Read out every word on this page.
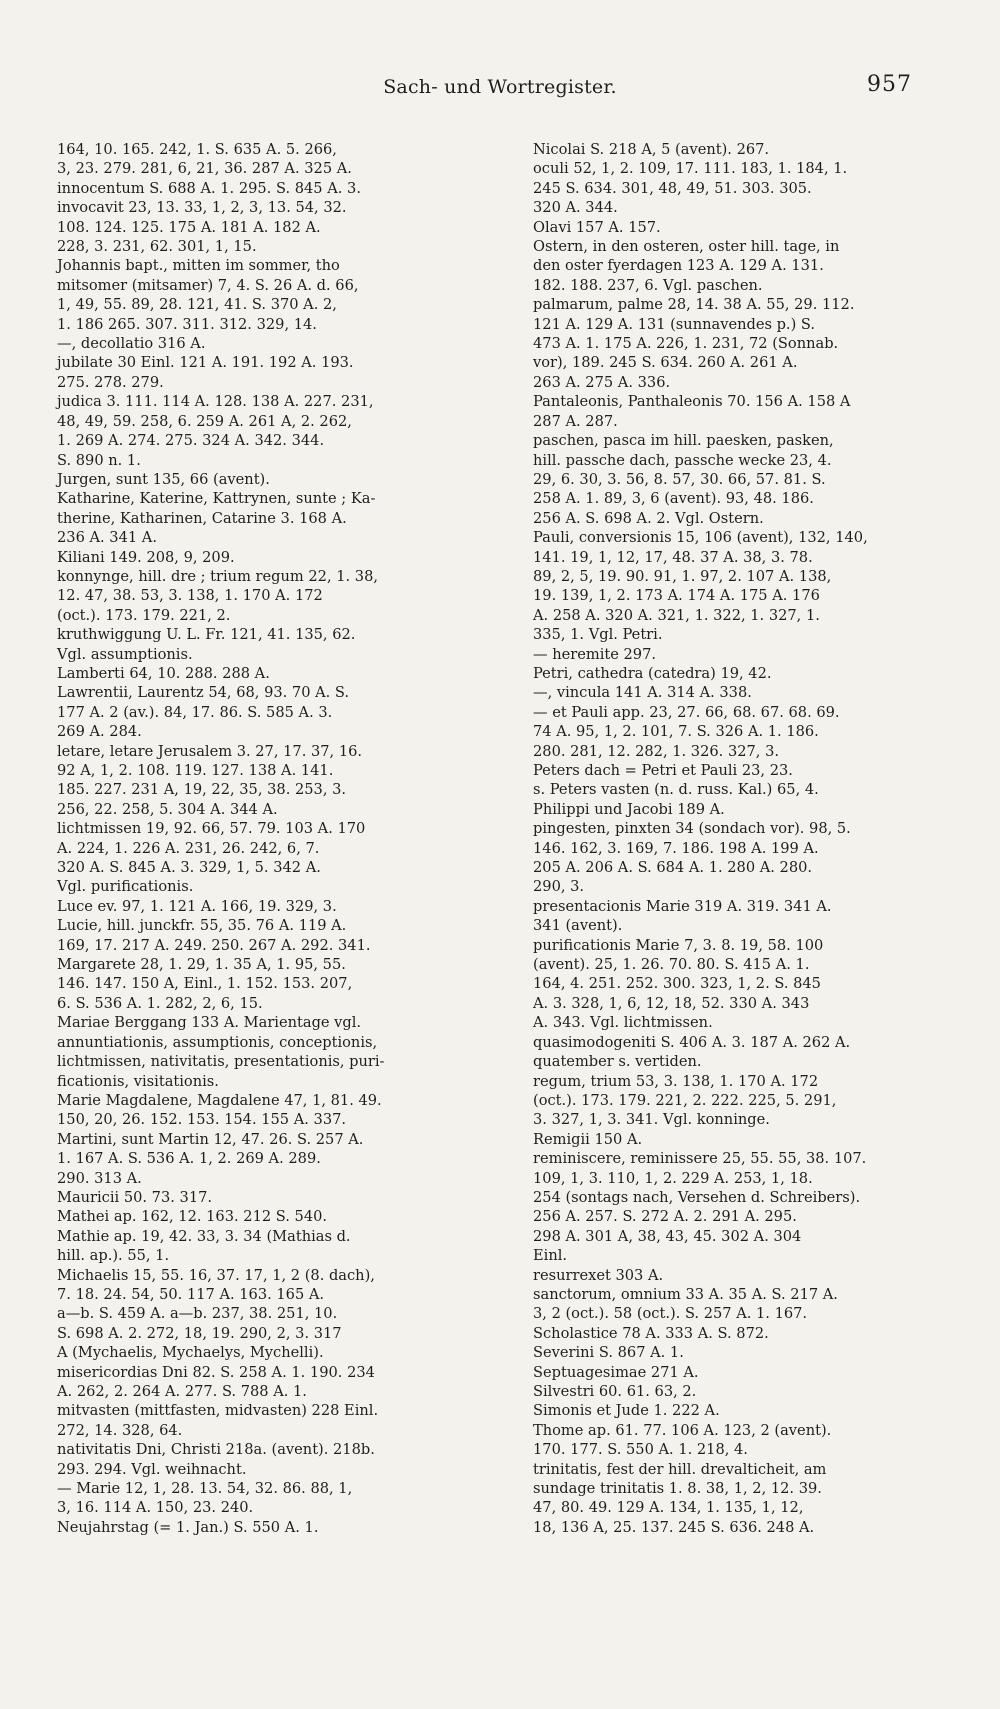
Sach- und Wortregister.	957
164, 10. 165. 242, 1. S. 635 A. 5. 266,
3, 23. 279. 281, 6, 21, 36. 287 A. 325 A.
innocentum S. 688 A. 1. 295. S. 845 A. 3.
invocavit 23, 13. 33, 1, 2, 3, 13. 54, 32.
108. 124. 125. 175 A. 181 A. 182 A.
228, 3. 231, 62. 301, 1, 15.
Johannis bapt., mitten im sommer, tho
mitsomer (mitsamer) 7, 4. S. 26 A. d. 66,
1, 49, 55. 89, 28. 121, 41. S. 370 A. 2,
1. 186 265. 307. 311. 312. 329, 14.
—, decollatio 316 A.
jubilate 30 Einl. 121 A. 191. 192 A. 193.
275. 278. 279.
judica 3. 111. 114 A. 128. 138 A. 227. 231,
48, 49, 59. 258, 6. 259 A. 261 A, 2. 262,
1. 269 A. 274. 275. 324 A. 342. 344.
S. 890 n. 1.
Jurgen, sunt 135, 66 (avent).
Katharine, Katerine, Kattrynen, sunte ; Ka-
therine, Katharinen, Catarine 3. 168 A.
236 A. 341 A.
Kiliani 149. 208, 9, 209.
konnynge, hill. dre ; trium regum 22, 1. 38,
12. 47, 38. 53, 3. 138, 1. 170 A. 172
(oct.). 173. 179. 221, 2.
kruthwiggung U. L. Fr. 121, 41. 135, 62.
Vgl. assumptionis.
Lamberti 64, 10. 288. 288 A.
Lawrentii, Laurentz 54, 68, 93. 70 A. S.
177 A. 2 (av.). 84, 17. 86. S. 585 A. 3.
269 A. 284.
letare, letare Jerusalem 3. 27, 17. 37, 16.
92 A, 1, 2. 108. 119. 127. 138 A. 141.
185. 227. 231 A, 19, 22, 35, 38. 253, 3.
256, 22. 258, 5. 304 A. 344 A.
lichtmissen 19, 92. 66, 57. 79. 103 A. 170
A. 224, 1. 226 A. 231, 26. 242, 6, 7.
320 A. S. 845 A. 3. 329, 1, 5. 342 A.
Vgl. purificationis.
Luce ev. 97, 1. 121 A. 166, 19. 329, 3.
Lucie, hill. junckfr. 55, 35. 76 A. 119 A.
169, 17. 217 A. 249. 250. 267 A. 292. 341.
Margarete 28, 1. 29, 1. 35 A, 1. 95, 55.
146. 147. 150 A, Einl., 1. 152. 153. 207,
6. S. 536 A. 1. 282, 2, 6, 15.
Mariae Berggang 133 A. Marientage vgl.
annuntiationis, assumptionis, conceptionis,
lichtmissen, nativitatis, presentationis, puri-
ficationis, visitationis.
Marie Magdalene, Magdalene 47, 1, 81. 49.
150, 20, 26. 152. 153. 154. 155 A. 337.
Martini, sunt Martin 12, 47. 26. S. 257 A.
1. 167 A. S. 536 A. 1, 2. 269 A. 289.
290. 313 A.
Mauricii 50. 73. 317.
Mathei ap. 162, 12. 163. 212 S. 540.
Mathie ap. 19, 42. 33, 3. 34 (Mathias d.
hill. ap.). 55, 1.
Michaelis 15, 55. 16, 37. 17, 1, 2 (8. dach),
7. 18. 24. 54, 50. 117 A. 163. 165 A.
a—b. S. 459 A. a—b. 237, 38. 251, 10.
S. 698 A. 2. 272, 18, 19. 290, 2, 3. 317
A (Mychaelis, Mychaelys, Mychelli).
misericordias Dni 82. S. 258 A. 1. 190. 234
A. 262, 2. 264 A. 277. S. 788 A. 1.
mitvasten (mittfasten, midvasten) 228 Einl.
272, 14. 328, 64.
nativitatis Dni, Christi 218a. (avent). 218b.
293. 294. Vgl. weihnacht.
— Marie 12, 1, 28. 13. 54, 32. 86. 88, 1,
3, 16. 114 A. 150, 23. 240.
Neujahrstag (= 1. Jan.) S. 550 A. 1.
Nicolai S. 218 A, 5 (avent). 267.
oculi 52, 1, 2. 109, 17. 111. 183, 1. 184, 1.
245 S. 634. 301, 48, 49, 51. 303. 305.
320 A. 344.
Olavi 157 A. 157.
Ostern, in den osteren, oster hill. tage, in
den oster fyerdagen 123 A. 129 A. 131.
182. 188. 237, 6. Vgl. paschen.
palmarum, palme 28, 14. 38 A. 55, 29. 112.
121 A. 129 A. 131 (sunnavendes p.) S.
473 A. 1. 175 A. 226, 1. 231, 72 (Sonnab.
vor), 189. 245 S. 634. 260 A. 261 A.
263 A. 275 A. 336.
Pantaleonis, Panthaleonis 70. 156 A. 158 A
287 A. 287.
paschen, pasca im hill. paesken, pasken,
hill. passche dach, passche wecke 23, 4.
29, 6. 30, 3. 56, 8. 57, 30. 66, 57. 81. S.
258 A. 1. 89, 3, 6 (avent). 93, 48. 186.
256 A. S. 698 A. 2. Vgl. Ostern.
Pauli, conversionis 15, 106 (avent), 132, 140,
141. 19, 1, 12, 17, 48. 37 A. 38, 3. 78.
89, 2, 5, 19. 90. 91, 1. 97, 2. 107 A. 138,
19. 139, 1, 2. 173 A. 174 A. 175 A. 176
A. 258 A. 320 A. 321, 1. 322, 1. 327, 1.
335, 1. Vgl. Petri.
— heremite 297.
Petri, cathedra (catedra) 19, 42.
—, vincula 141 A. 314 A. 338.
— et Pauli app. 23, 27. 66, 68. 67. 68. 69.
74 A. 95, 1, 2. 101, 7. S. 326 A. 1. 186.
280. 281, 12. 282, 1. 326. 327, 3.
Peters dach = Petri et Pauli 23, 23.
s. Peters vasten (n. d. russ. Kal.) 65, 4.
Philippi und Jacobi 189 A.
pingesten, pinxten 34 (sondach vor). 98, 5.
146. 162, 3. 169, 7. 186. 198 A. 199 A.
205 A. 206 A. S. 684 A. 1. 280 A. 280.
290, 3.
presentacionis Marie 319 A. 319. 341 A.
341 (avent).
purificationis Marie 7, 3. 8. 19, 58. 100
(avent). 25, 1. 26. 70. 80. S. 415 A. 1.
164, 4. 251. 252. 300. 323, 1, 2. S. 845
A. 3. 328, 1, 6, 12, 18, 52. 330 A. 343
A. 343. Vgl. lichtmissen.
quasimodogeniti S. 406 A. 3. 187 A. 262 A.
quatember s. vertiden.
regum, trium 53, 3. 138, 1. 170 A. 172
(oct.). 173. 179. 221, 2. 222. 225, 5. 291,
3. 327, 1, 3. 341. Vgl. konninge.
Remigii 150 A.
reminiscere, reminissere 25, 55. 55, 38. 107.
109, 1, 3. 110, 1, 2. 229 A. 253, 1, 18.
254 (sontags nach, Versehen d. Schreibers).
256 A. 257. S. 272 A. 2. 291 A. 295.
298 A. 301 A, 38, 43, 45. 302 A. 304
Einl.
resurrexet 303 A.
sanctorum, omnium 33 A. 35 A. S. 217 A.
3, 2 (oct.). 58 (oct.). S. 257 A. 1. 167.
Scholastice 78 A. 333 A. S. 872.
Severini S. 867 A. 1.
Septuagesimae 271 A.
Silvestri 60. 61. 63, 2.
Simonis et Jude 1. 222 A.
Thome ap. 61. 77. 106 A. 123, 2 (avent).
170. 177. S. 550 A. 1. 218, 4.
trinitatis, fest der hill. drevalticheit, am
sundage trinitatis 1. 8. 38, 1, 2, 12. 39.
47, 80. 49. 129 A. 134, 1. 135, 1, 12,
18, 136 A, 25. 137. 245 S. 636. 248 A.
